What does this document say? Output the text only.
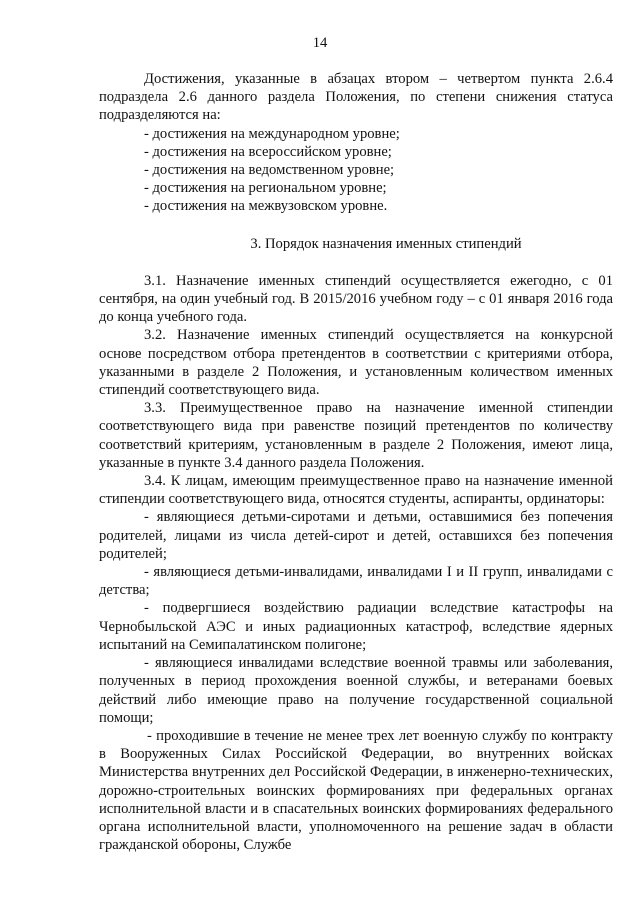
14

Достижения, указанные в абзацах втором – четвертом пункта 2.6.4 подраздела 2.6 данного раздела Положения, по степени снижения статуса подразделяются на:

- достижения на международном уровне;

- достижения на всероссийском уровне;

- достижения на ведомственном уровне;

- достижения на региональном уровне;

- достижения на межвузовском уровне.

3. Порядок назначения именных стипендий

3.1. Назначение именных стипендий осуществляется ежегодно, с 01 сентября, на один учебный год. В 2015/2016 учебном году – с 01 января 2016 года до конца учебного года.

3.2. Назначение именных стипендий осуществляется на конкурсной основе посредством отбора претендентов в соответствии с критериями отбора, указанными в разделе 2 Положения, и установленным количеством именных стипендий соответствующего вида.

3.3. Преимущественное право на назначение именной стипендии соответствующего вида при равенстве позиций претендентов по количеству соответствий критериям, установленным в разделе 2 Положения, имеют лица, указанные в пункте 3.4 данного раздела Положения.

3.4. К лицам, имеющим преимущественное право на назначение именной стипендии соответствующего вида, относятся студенты, аспиранты, ординаторы:

- являющиеся детьми-сиротами и детьми, оставшимися без попечения родителей, лицами из числа детей-сирот и детей, оставшихся без попечения родителей;

- являющиеся детьми-инвалидами, инвалидами I и II групп, инвалидами с детства;

- подвергшиеся воздействию радиации вследствие катастрофы на Чернобыльской АЭС и иных радиационных катастроф, вследствие ядерных испытаний на Семипалатинском полигоне;

- являющиеся инвалидами вследствие военной травмы или заболевания, полученных в период прохождения военной службы, и ветеранами боевых действий либо имеющие право на получение государственной социальной помощи;

- проходившие в течение не менее трех лет военную службу по контракту в Вооруженных Силах Российской Федерации, во внутренних войсках Министерства внутренних дел Российской Федерации, в инженерно-технических, дорожно-строительных воинских формированиях при федеральных органах исполнительной власти и в спасательных воинских формированиях федерального органа исполнительной власти, уполномоченного на решение задач в области гражданской обороны, Службе
